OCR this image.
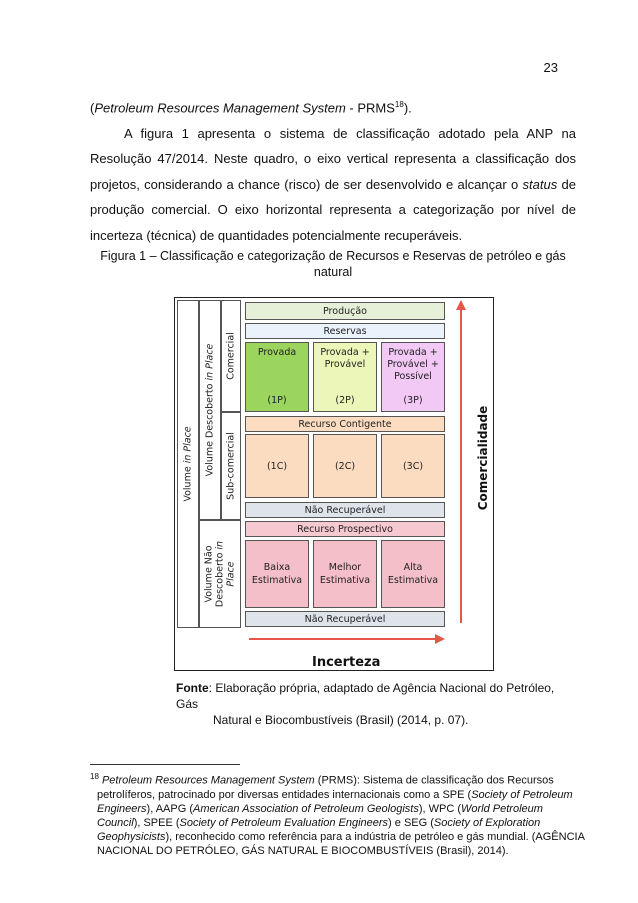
23
(Petroleum Resources Management System - PRMS$^{18}$).
A figura 1 apresenta o sistema de classificação adotado pela ANP na
Resolução 47/2014. Neste quadro, o eixo vertical representa a classificação dos
projetos, considerando a chance (risco) de ser desenvolvido e alcançar o status de
produção comercial. O eixo horizontal representa a categorização por nível de
incerteza (técnica) de quantidades potencialmente recuperáveis.
Figura 1 – Classificação e categorização de Recursos e Reservas de petróleo e gás
natural
Volume in Place Volume Descoberto in Place Comercial
Sub-comercial
Volume Não Descoberto in
Place
Produção
Reservas
Provada
(1P)
Provada +
Provável
(2P)
Provada +
Provável +
Possível
(3P)
Recurso Contigente
(1C)	(2C)	(3C)
Não Recuperável
Recurso Prospectivo
Baixa
Estimativa
Melhor
Estimativa
Alta
Estimativa
Não Recuperável
Incerteza
Comercialidade
Fonte: Elaboração própria, adaptado de Agência Nacional do Petróleo, Gás
Natural e Biocombustíveis (Brasil) (2014, p. 07).
$^{18}$ Petroleum Resources Management System (PRMS): Sistema de classificação dos Recursos
petrolíferos, patrocinado por diversas entidades internacionais como a SPE (Society of Petroleum
Engineers), AAPG (American Association of Petroleum Geologists), WPC (World Petroleum
Council), SPEE (Society of Petroleum Evaluation Engineers) e SEG (Society of Exploration
Geophysicists), reconhecido como referência para a indústria de petróleo e gás mundial. (AGÊNCIA
NACIONAL DO PETRÓLEO, GÁS NATURAL E BIOCOMBUSTÍVEIS (Brasil), 2014).
